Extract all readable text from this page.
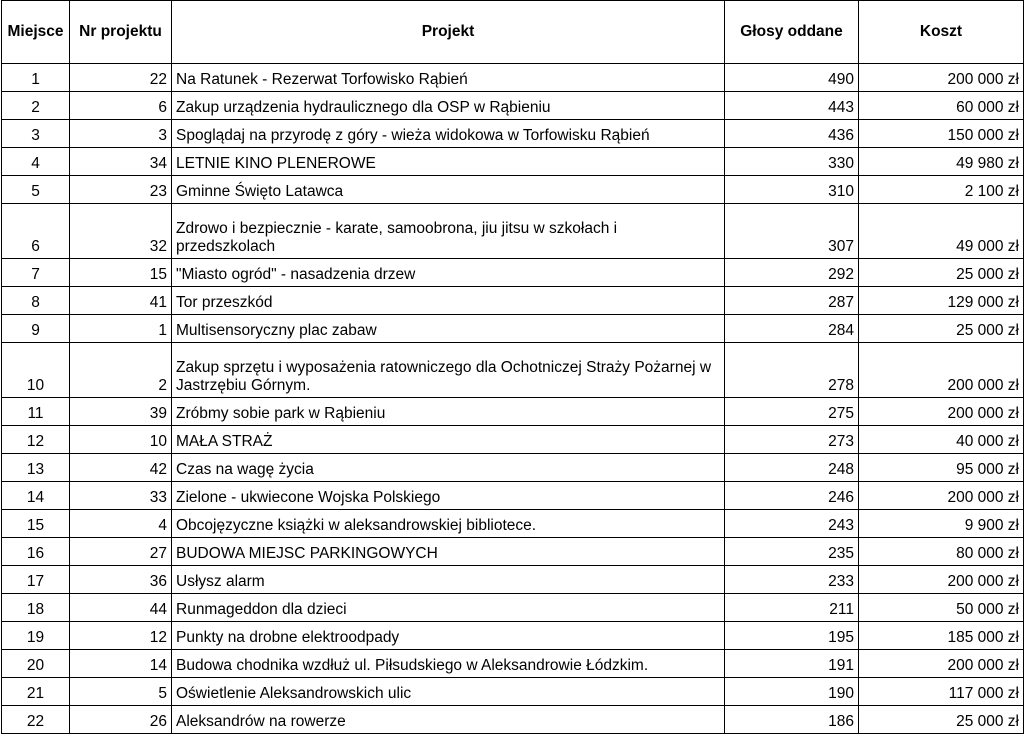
Miejsce	Nr projektu	Projekt	Głosy oddane	Koszt
1	22	Na Ratunek - Rezerwat Torfowisko Rąbień	490	200 000 zł
2	6	Zakup urządzenia hydraulicznego dla OSP w Rąbieniu	443	60 000 zł
3	3	Spoglądaj na przyrodę z góry - wieża widokowa w Torfowisku Rąbień	436	150 000 zł
4	34	LETNIE KINO PLENEROWE	330	49 980 zł
5	23	Gminne Święto Latawca	310	2 100 zł
6	32	Zdrowo i bezpiecznie - karate, samoobrona, jiu jitsu w szkołach i przedszkolach	307	49 000 zł
7	15	"Miasto ogród" - nasadzenia drzew	292	25 000 zł
8	41	Tor przeszkód	287	129 000 zł
9	1	Multisensoryczny plac zabaw	284	25 000 zł
10	2	Zakup sprzętu i wyposażenia ratowniczego dla Ochotniczej Straży Pożarnej w Jastrzębiu Górnym.	278	200 000 zł
11	39	Zróbmy sobie park w Rąbieniu	275	200 000 zł
12	10	MAŁA STRAŻ	273	40 000 zł
13	42	Czas na wagę życia	248	95 000 zł
14	33	Zielone - ukwiecone Wojska Polskiego	246	200 000 zł
15	4	Obcojęzyczne książki w aleksandrowskiej bibliotece.	243	9 900 zł
16	27	BUDOWA MIEJSC PARKINGOWYCH	235	80 000 zł
17	36	Usłysz alarm	233	200 000 zł
18	44	Runmageddon dla dzieci	211	50 000 zł
19	12	Punkty na drobne elektroodpady	195	185 000 zł
20	14	Budowa chodnika wzdłuż ul. Piłsudskiego w Aleksandrowie Łódzkim.	191	200 000 zł
21	5	Oświetlenie Aleksandrowskich ulic	190	117 000 zł
22	26	Aleksandrów na rowerze	186	25 000 zł
